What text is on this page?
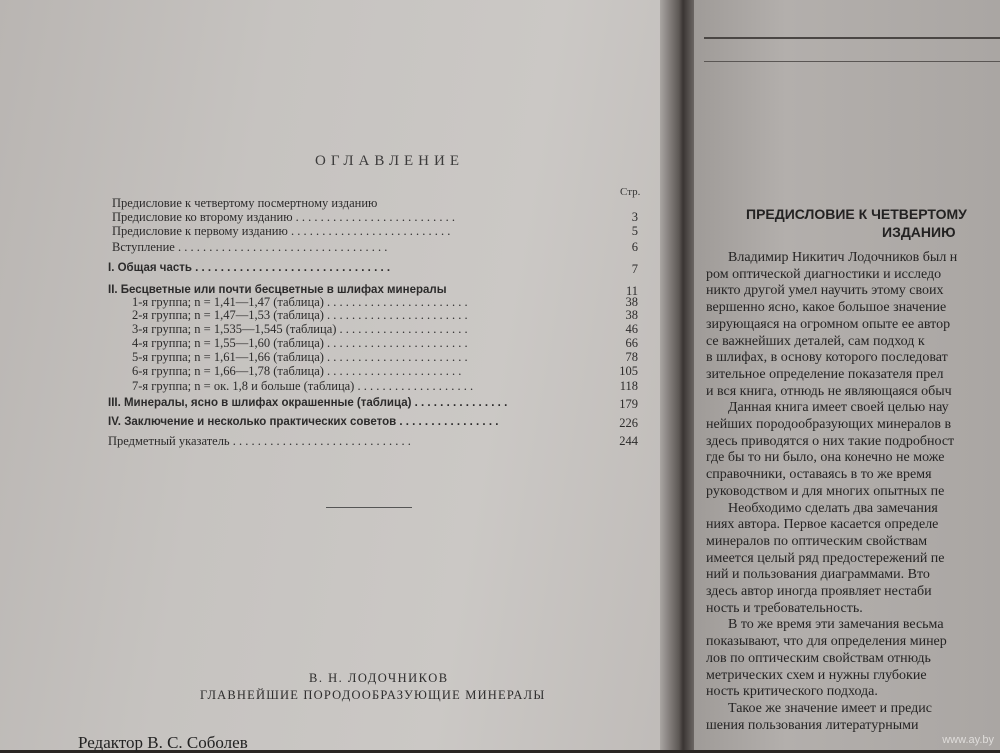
ОГЛАВЛЕНИЕ
Стр.
Предисловие к четвертому посмертному изданию
Предисловие ко второму изданию . . . . . . . . . . . . . . . . . . . . . . . . . .	3
Предисловие к первому изданию . . . . . . . . . . . . . . . . . . . . . . . . . .	5
Вступление . . . . . . . . . . . . . . . . . . . . . . . . . . . . . . . . . .	6
I. Общая часть . . . . . . . . . . . . . . . . . . . . . . . . . . . . . . .	7
II. Бесцветные или почти бесцветные в шлифах минералы	11
1-я группа; n = 1,41—1,47 (таблица) . . . . . . . . . . . . . . . . . . . . . . .	38
2-я группа; n = 1,47—1,53 (таблица) . . . . . . . . . . . . . . . . . . . . . . .	38
3-я группа; n = 1,535—1,545 (таблица) . . . . . . . . . . . . . . . . . . . . .	46
4-я группа; n = 1,55—1,60 (таблица) . . . . . . . . . . . . . . . . . . . . . . .	66
5-я группа; n = 1,61—1,66 (таблица) . . . . . . . . . . . . . . . . . . . . . . .	78
6-я группа; n = 1,66—1,78 (таблица) . . . . . . . . . . . . . . . . . . . . . .	105
7-я группа; n = ок. 1,8 и больше (таблица) . . . . . . . . . . . . . . . . . . .	118
III. Минералы, ясно в шлифах окрашенные (таблица) . . . . . . . . . . . . . . .	179
IV. Заключение и несколько практических советов . . . . . . . . . . . . . . . .	226
Предметный указатель . . . . . . . . . . . . . . . . . . . . . . . . . . . . .	244
В. Н. ЛОДОЧНИКОВ
ГЛАВНЕЙШИЕ ПОРОДООБРАЗУЮЩИЕ МИНЕРАЛЫ
Редактор В. С. Соболев
ПРЕДИСЛОВИЕ К ЧЕТВЕРТОМУ
ИЗДАНИЮ
Владимир Никитич Лодочников был н
ром оптической диагностики и исследо
никто другой умел научить этому своих
вершенно ясно, какое большое значение
зирующаяся на огромном опыте ее автор
се важнейших деталей, сам подход к
в шлифах, в основу которого последоват
зительное определение показателя прел
и вся книга, отнюдь не являющаяся обыч
Данная книга имеет своей целью нау
нейших породообразующих минералов в
здесь приводятся о них такие подробност
где бы то ни было, она конечно не може
справочники, оставаясь в то же время
руководством и для многих опытных пе
Необходимо сделать два замечания
ниях автора. Первое касается определе
минералов по оптическим свойствам
имеется целый ряд предостережений пе
ний и пользования диаграммами. Вто
здесь автор иногда проявляет нестаби
ность и требовательность.
В то же время эти замечания весьма
показывают, что для определения минер
лов по оптическим свойствам отнюдь
метрических схем и нужны глубокие
ность критического подхода.
Такое же значение имеет и предис
шения пользования литературными
www.ay.by
